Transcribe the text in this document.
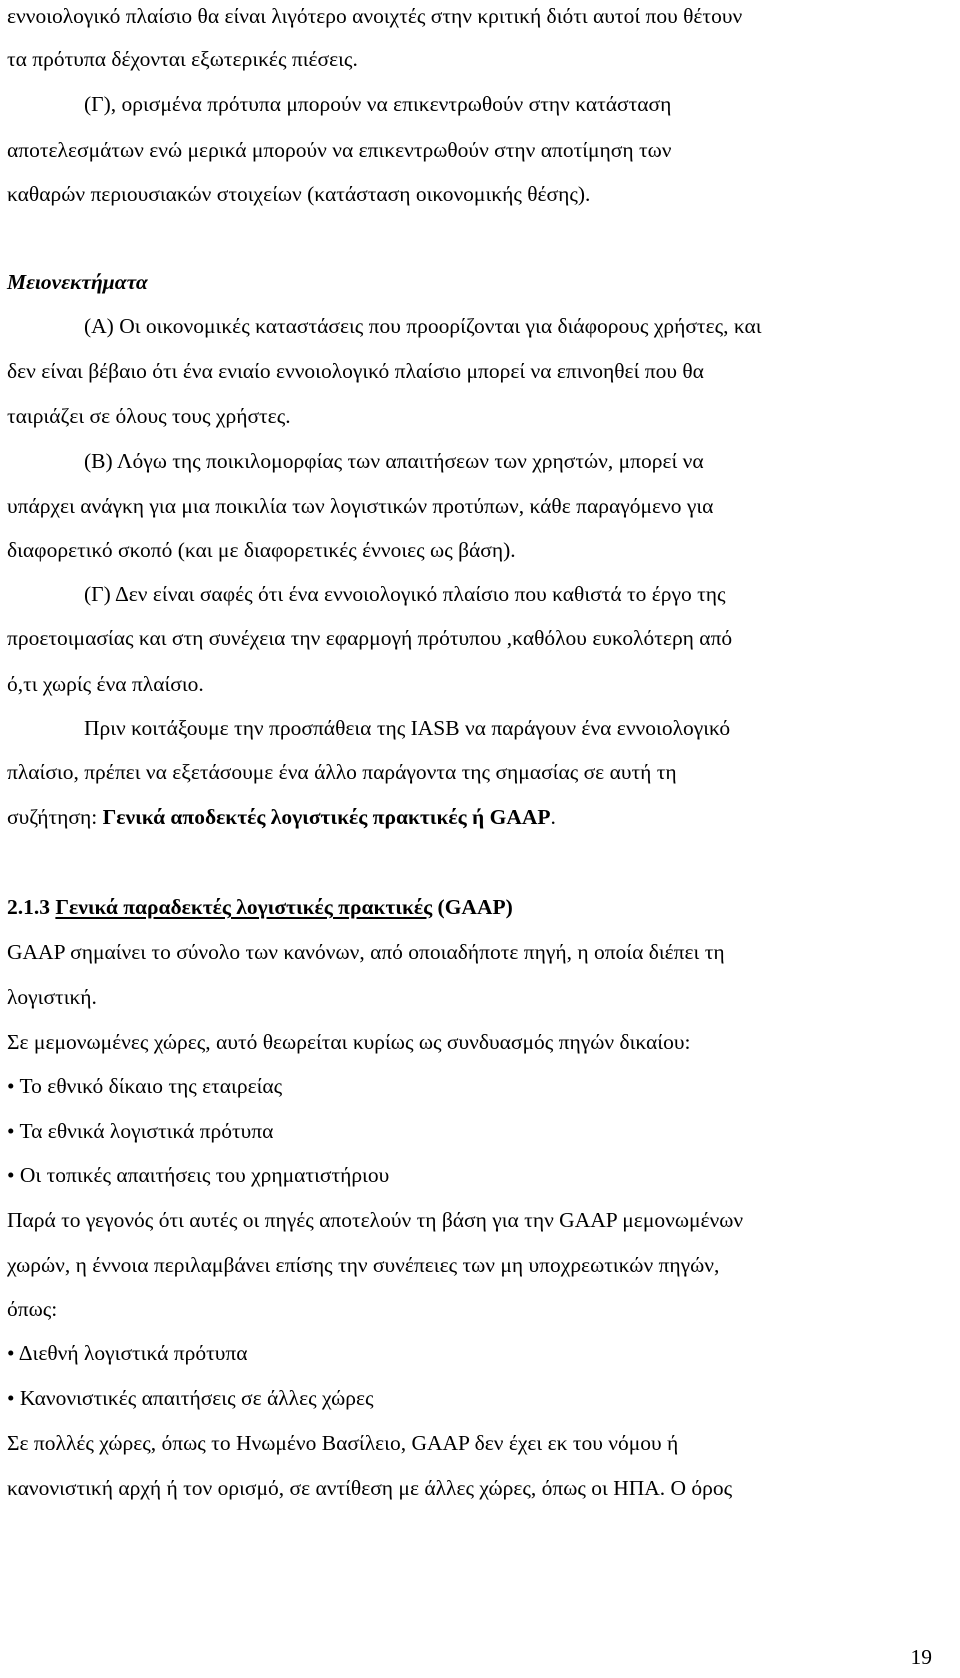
εννοιολογικό πλαίσιο θα είναι λιγότερο ανοιχτές στην κριτική διότι αυτοί που θέτουν
τα πρότυπα δέχονται εξωτερικές πιέσεις.
(Γ), ορισμένα πρότυπα μπορούν να επικεντρωθούν στην κατάσταση
αποτελεσμάτων ενώ μερικά μπορούν να επικεντρωθούν στην αποτίμηση των
καθαρών περιουσιακών στοιχείων (κατάσταση οικονομικής θέσης).
Μειονεκτήματα
(Α) Οι οικονομικές καταστάσεις που προορίζονται για διάφορους χρήστες, και
δεν είναι βέβαιο ότι ένα ενιαίο εννοιολογικό πλαίσιο μπορεί να επινοηθεί που θα
ταιριάζει σε όλους τους χρήστες.
(Β) Λόγω της ποικιλομορφίας των απαιτήσεων των χρηστών, μπορεί να
υπάρχει ανάγκη για μια ποικιλία των λογιστικών προτύπων, κάθε παραγόμενο για
διαφορετικό σκοπό (και με διαφορετικές έννοιες ως βάση).
(Γ) Δεν είναι σαφές ότι ένα εννοιολογικό πλαίσιο που καθιστά το έργο της
προετοιμασίας και στη συνέχεια την εφαρμογή πρότυπου ,καθόλου ευκολότερη από
ό,τι χωρίς ένα πλαίσιο.
Πριν κοιτάξουμε την προσπάθεια της IASB να παράγουν ένα εννοιολογικό
πλαίσιο, πρέπει να εξετάσουμε ένα άλλο παράγοντα της σημασίας σε αυτή τη
συζήτηση: Γενικά αποδεκτές λογιστικές πρακτικές ή GAAP.
2.1.3 Γενικά παραδεκτές λογιστικές πρακτικές (GAAP)
GAAP σημαίνει το σύνολο των κανόνων, από οποιαδήποτε πηγή, η οποία διέπει τη
λογιστική.
Σε μεμονωμένες χώρες, αυτό θεωρείται κυρίως ως συνδυασμός πηγών δικαίου:
• Το εθνικό δίκαιο της εταιρείας
• Τα εθνικά λογιστικά πρότυπα
• Οι τοπικές απαιτήσεις του χρηματιστήριου
Παρά το γεγονός ότι αυτές οι πηγές αποτελούν τη βάση για την GAAP μεμονωμένων
χωρών, η έννοια περιλαμβάνει επίσης την συνέπειες των μη υποχρεωτικών πηγών,
όπως:
• Διεθνή λογιστικά πρότυπα
• Κανονιστικές απαιτήσεις σε άλλες χώρες
Σε πολλές χώρες, όπως το Ηνωμένο Βασίλειο, GAAP δεν έχει εκ του νόμου ή
κανονιστική αρχή ή τον ορισμό, σε αντίθεση με άλλες χώρες, όπως οι ΗΠΑ. Ο όρος
19
